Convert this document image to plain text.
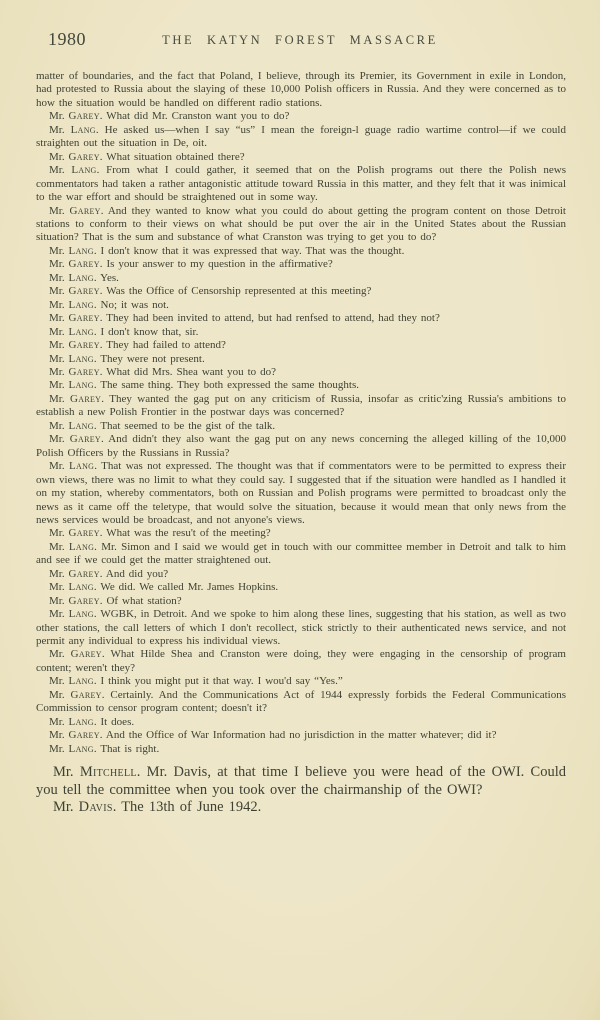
1980	THE KATYN FOREST MASSACRE

matter of boundaries, and the fact that Poland, I believe, through its Premier, its Government in exile in London, had protested to Russia about the slaying of these 10,000 Polish officers in Russia. And they were concerned as to how the situation would be handled on different radio stations.

Mr. Garey. What did Mr. Cranston want you to do?

Mr. Lang. He asked us—when I say “us” I mean the foreign-l guage radio wartime control—if we could straighten out the situation in De, oit.

Mr. Garey. What situation obtained there?

Mr. Lang. From what I could gather, it seemed that on the Polish programs out there the Polish news commentators had taken a rather antagonistic attitude toward Russia in this matter, and they felt that it was inimical to the war effort and should be straightened out in some way.

Mr. Garey. And they wanted to know what you could do about getting the program content on those Detroit stations to conform to their views on what should be put over the air in the United States about the Russian situation? That is the sum and substance of what Cranston was trying to get you to do?

Mr. Lang. I don't know that it was expressed that way. That was the thought.

Mr. Garey. Is your answer to my question in the affirmative?

Mr. Lang. Yes.

Mr. Garey. Was the Office of Censorship represented at this meeting?

Mr. Lang. No; it was not.

Mr. Garey. They had been invited to attend, but had renfsed to attend, had they not?

Mr. Lang. I don't know that, sir.

Mr. Garey. They had failed to attend?

Mr. Lang. They were not present.

Mr. Garey. What did Mrs. Shea want you to do?

Mr. Lang. The same thing. They both expressed the same thoughts.

Mr. Garey. They wanted the gag put on any criticism of Russia, insofar as critic'zing Russia's ambitions to establish a new Polish Frontier in the postwar days was concerned?

Mr. Lang. That seemed to be the gist of the talk.

Mr. Garey. And didn't they also want the gag put on any news concerning the alleged killing of the 10,000 Polish Officers by the Russians in Russia?

Mr. Lang. That was not expressed. The thought was that if commentators were to be permitted to express their own views, there was no limit to what they could say. I suggested that if the situation were handled as I handled it on my station, whereby commentators, both on Russian and Polish programs were permitted to broadcast only the news as it came off the teletype, that would solve the situation, because it would mean that only news from the news services would be broadcast, and not anyone's views.

Mr. Garey. What was the resu't of the meeting?

Mr. Lang. Mr. Simon and I said we would get in touch with our committee member in Detroit and talk to him and see if we could get the matter straightened out.

Mr. Garey. And did you?

Mr. Lang. We did. We called Mr. James Hopkins.

Mr. Garey. Of what station?

Mr. Lang. WGBK, in Detroit. And we spoke to him along these lines, suggesting that his station, as well as two other stations, the call letters of which I don't recollect, stick strictly to their authenticated news service, and not permit any individual to express his individual views.

Mr. Garey. What Hilde Shea and Cranston were doing, they were engaging in the censorship of program content; weren't they?

Mr. Lang. I think you might put it that way. I wou'd say “Yes.”

Mr. Garey. Certainly. And the Communications Act of 1944 expressly forbids the Federal Communications Commission to censor program content; doesn't it?

Mr. Lang. It does.

Mr. Garey. And the Office of War Information had no jurisdiction in the matter whatever; did it?

Mr. Lang. That is right.

Mr. Mitchell. Mr. Davis, at that time I believe you were head of the OWI. Could you tell the committee when you took over the chairmanship of the OWI?

Mr. Davis. The 13th of June 1942.
